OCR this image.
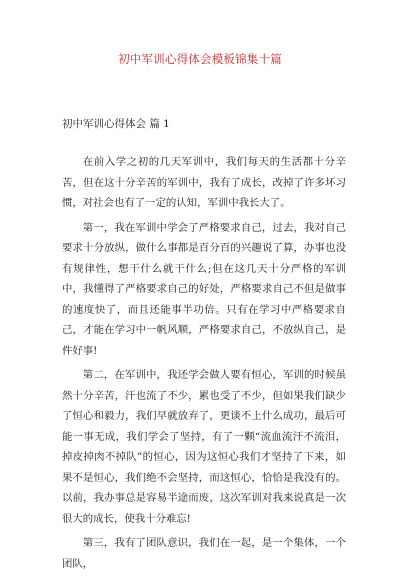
初中军训心得体会模板锦集十篇
初中军训心得体会 篇 1

在前入学之初的几天军训中，我们每天的生活都十分辛苦，但在这十分辛苦的军训中，我有了成长，改掉了许多坏习惯，对社会也有了一定的认知，军训中我长大了。

第一，我在军训中学会了严格要求自己，过去，我对自己要求十分放纵，做什么事都是百分百的兴趣说了算，办事也没有规律性，想干什么就干什么;但在这几天十分严格的军训中，我懂得了严格要求自己的好处，严格要求自己不但是做事的速度快了，而且还能事半功倍。只有在学习中严格要求自己，才能在学习中一帆风顺，严格要求自己，不放纵自己，是件好事!

第二，在军训中，我还学会做人要有恒心，军训的时候虽然十分辛苦，汗也流了不少，累也受了不少，但如果我们缺少了恒心和毅力，我们早就放弃了，更谈不上什么成功，最后可能一事无成，我们学会了坚持，有了一颗“流血流汗不流泪，掉皮掉肉不掉队”的恒心，因为这恒心我们才坚持了下来，如果不是恒心，我们绝不会坚持，而这恒心，恰恰是我没有的。以前，我办事总是容易半途而废，这次军训对我来说真是一次很大的成长，使我十分难忘!

第三，我有了团队意识，我们在一起，是一个集体，一个团队，
